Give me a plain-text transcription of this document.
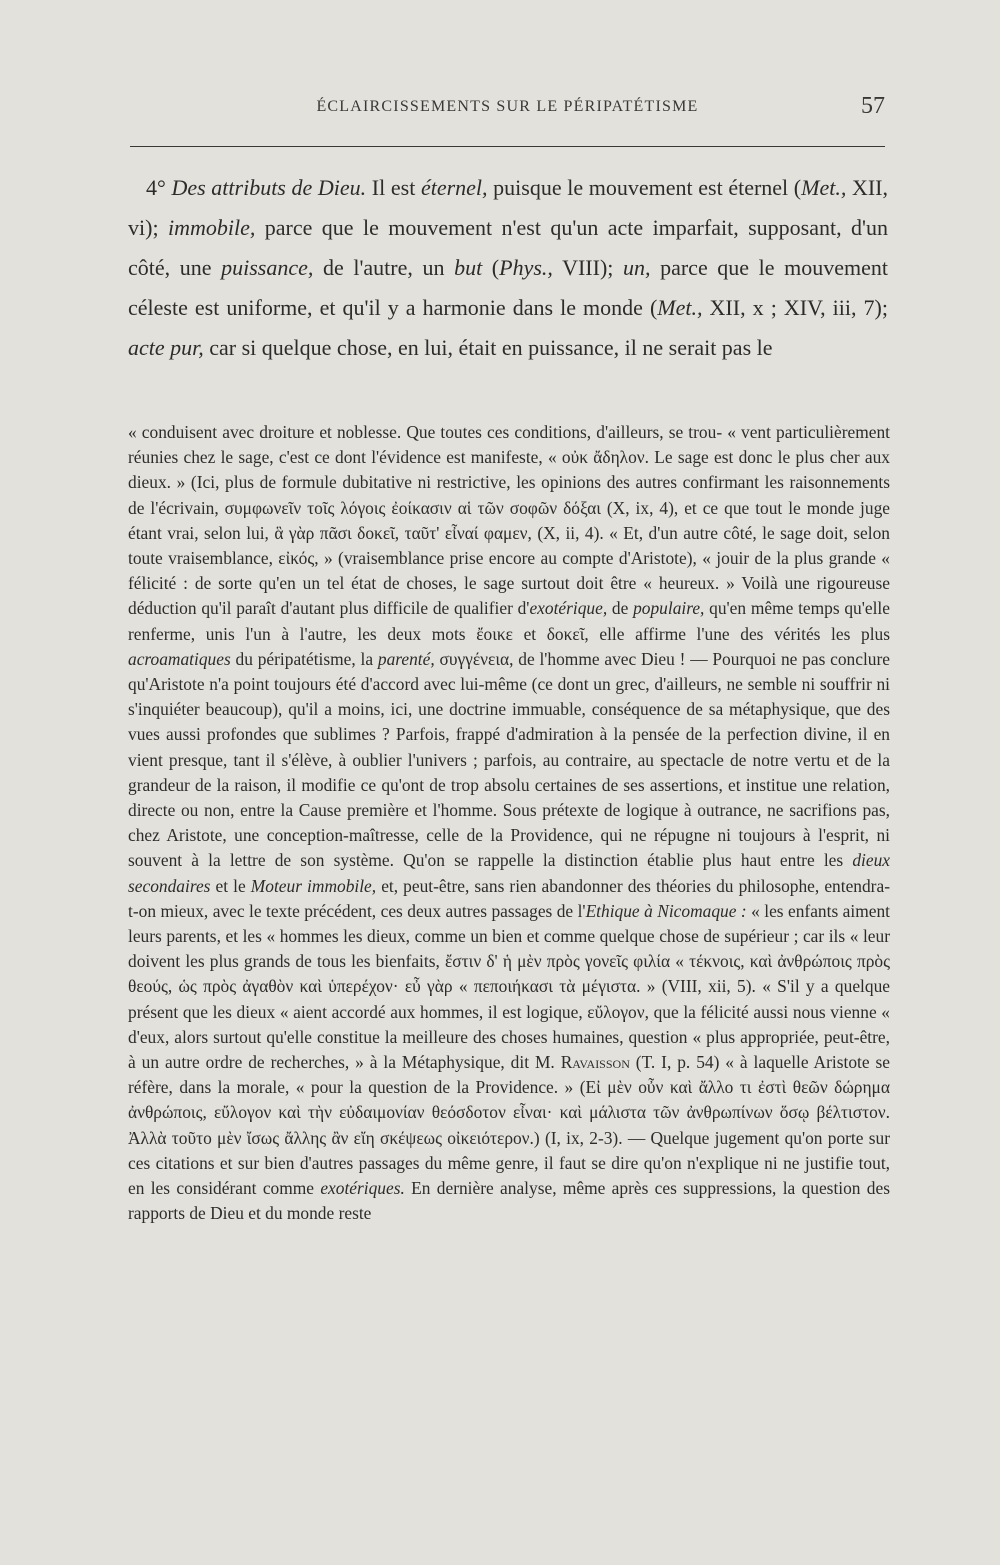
ÉCLAIRCISSEMENTS SUR LE PÉRIPATÉTISME	57

4° Des attributs de Dieu. Il est éternel, puisque le mouvement est éternel (Met., XII, vi); immobile, parce que le mouvement n'est qu'un acte imparfait, supposant, d'un côté, une puissance, de l'autre, un but (Phys., VIII); un, parce que le mouvement céleste est uniforme, et qu'il y a harmonie dans le monde (Met., XII, x ; XIV, iii, 7); acte pur, car si quelque chose, en lui, était en puissance, il ne serait pas le

« conduisent avec droiture et noblesse. Que toutes ces conditions, d'ailleurs, se trou- « vent particulièrement réunies chez le sage, c'est ce dont l'évidence est manifeste, « οὐκ ἄδηλον. Le sage est donc le plus cher aux dieux. » (Ici, plus de formule dubitative ni restrictive, les opinions des autres confirmant les raisonnements de l'écrivain, συμφωνεῖν τοῖς λόγοις ἐοίκασιν αἱ τῶν σοφῶν δόξαι (X, ix, 4), et ce que tout le monde juge étant vrai, selon lui, ἃ γὰρ πᾶσι δοκεῖ, ταῦτ' εἶναί φαμεν, (X, ii, 4). « Et, d'un autre côté, le sage doit, selon toute vraisemblance, εἰκός, » (vraisemblance prise encore au compte d'Aristote), « jouir de la plus grande « félicité : de sorte qu'en un tel état de choses, le sage surtout doit être « heureux. » Voilà une rigoureuse déduction qu'il paraît d'autant plus difficile de qualifier d'exotérique, de populaire, qu'en même temps qu'elle renferme, unis l'un à l'autre, les deux mots ἔοικε et δοκεῖ, elle affirme l'une des vérités les plus acroamatiques du péripatétisme, la parenté, συγγένεια, de l'homme avec Dieu ! — Pourquoi ne pas conclure qu'Aristote n'a point toujours été d'accord avec lui-même (ce dont un grec, d'ailleurs, ne semble ni souffrir ni s'inquiéter beaucoup), qu'il a moins, ici, une doctrine immuable, conséquence de sa métaphysique, que des vues aussi profondes que sublimes ? Parfois, frappé d'admiration à la pensée de la perfection divine, il en vient presque, tant il s'élève, à oublier l'univers ; parfois, au contraire, au spectacle de notre vertu et de la grandeur de la raison, il modifie ce qu'ont de trop absolu certaines de ses assertions, et institue une relation, directe ou non, entre la Cause première et l'homme. Sous prétexte de logique à outrance, ne sacrifions pas, chez Aristote, une conception-maîtresse, celle de la Providence, qui ne répugne ni toujours à l'esprit, ni souvent à la lettre de son système. Qu'on se rappelle la distinction établie plus haut entre les dieux secondaires et le Moteur immobile, et, peut-être, sans rien abandonner des théories du philosophe, entendra-t-on mieux, avec le texte précédent, ces deux autres passages de l'Ethique à Nicomaque : « les enfants aiment leurs parents, et les « hommes les dieux, comme un bien et comme quelque chose de supérieur ; car ils « leur doivent les plus grands de tous les bienfaits, ἔστιν δ' ἡ μὲν πρὸς γονεῖς φιλία « τέκνοις, καὶ ἀνθρώποις πρὸς θεούς, ὡς πρὸς ἀγαθὸν καὶ ὑπερέχον· εὖ γὰρ « πεποιήκασι τὰ μέγιστα. » (VIII, xii, 5). « S'il y a quelque présent que les dieux « aient accordé aux hommes, il est logique, εὔλογον, que la félicité aussi nous vienne « d'eux, alors surtout qu'elle constitue la meilleure des choses humaines, question « plus appropriée, peut-être, à un autre ordre de recherches, » à la Métaphysique, dit M. Ravaisson (T. I, p. 54) « à laquelle Aristote se réfère, dans la morale, « pour la question de la Providence. » (Εἰ μὲν οὖν καὶ ἄλλο τι ἐστὶ θεῶν δώρημα ἀνθρώποις, εὔλογον καὶ τὴν εὐδαιμονίαν θεόσδοτον εἶναι· καὶ μάλιστα τῶν ἀνθρωπίνων ὅσῳ βέλτιστον. Ἀλλὰ τοῦτο μὲν ἴσως ἄλλης ἂν εἴη σκέψεως οἰκειότερον.) (I, ix, 2-3). — Quelque jugement qu'on porte sur ces citations et sur bien d'autres passages du même genre, il faut se dire qu'on n'explique ni ne justifie tout, en les considérant comme exotériques. En dernière analyse, même après ces suppressions, la question des rapports de Dieu et du monde reste
